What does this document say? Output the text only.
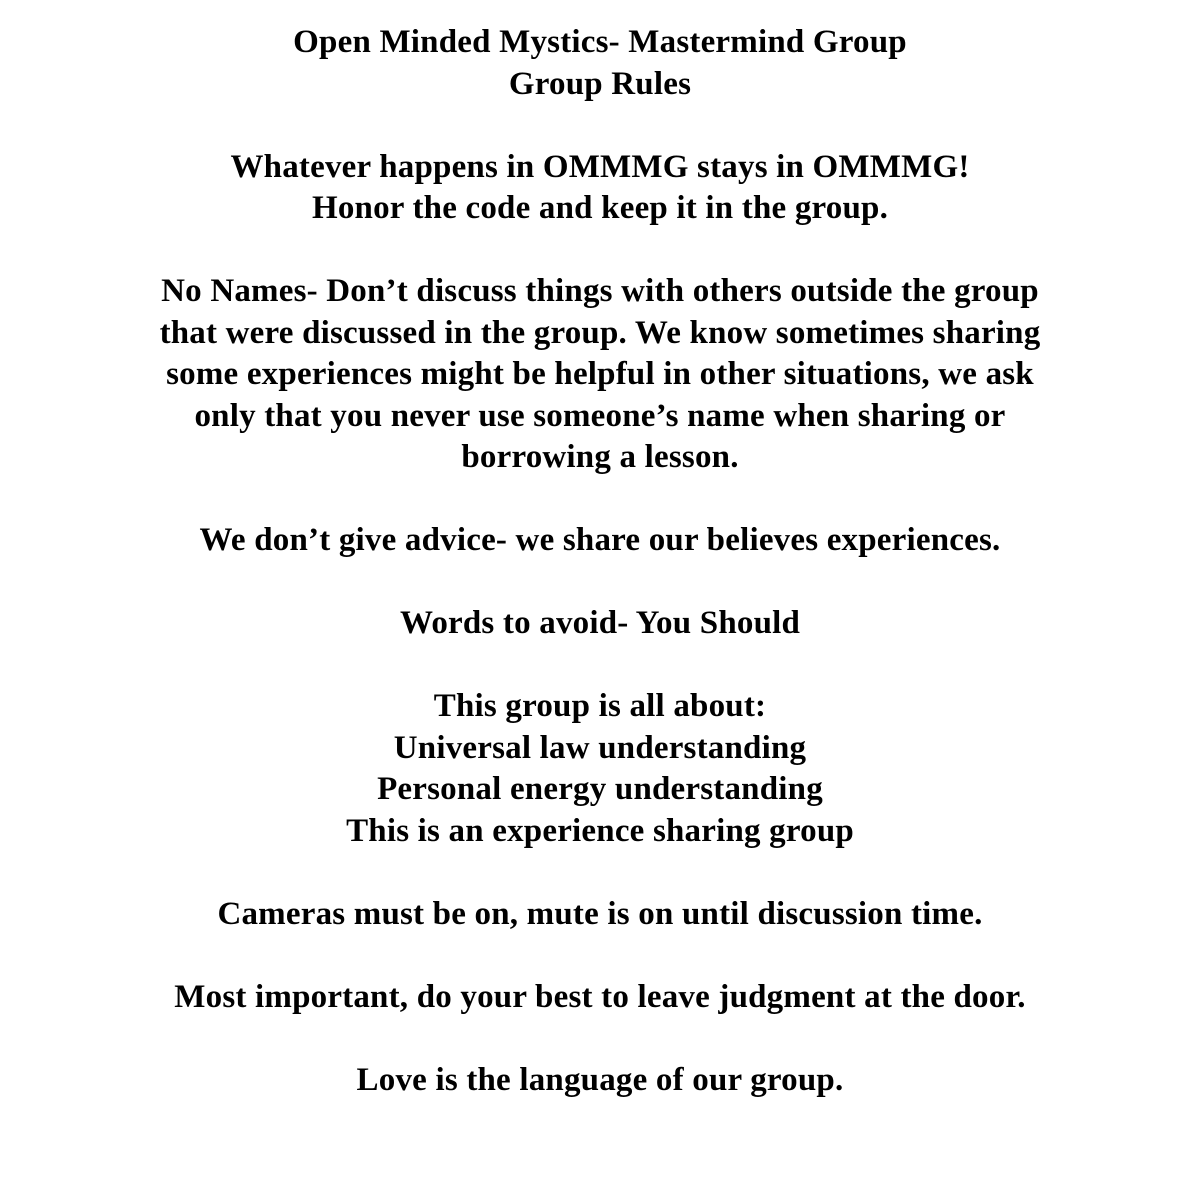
Open Minded Mystics- Mastermind Group
Group Rules
Whatever happens in OMMMG stays in OMMMG!
Honor the code and keep it in the group.
No Names- Don’t discuss things with others outside the group
that were discussed in the group. We know sometimes sharing
some experiences might be helpful in other situations, we ask
only that you never use someone’s name when sharing or
borrowing a lesson.
We don’t give advice- we share our believes experiences.
Words to avoid- You Should
This group is all about:
Universal law understanding
Personal energy understanding
This is an experience sharing group
Cameras must be on, mute is on until discussion time.
Most important, do your best to leave judgment at the door.
Love is the language of our group.
